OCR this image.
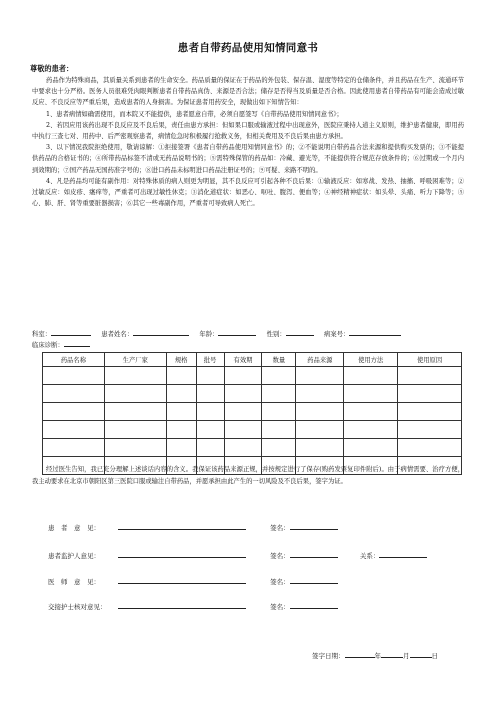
患者自带药品使用知情同意书
尊敬的患者：

药品作为特殊商品，其质量关系到患者的生命安全。药品质量的保证在于药品的外包装、保存温、湿度等特定的仓储条件，并且药品在生产、流通环节中要求也十分严格。医务人员很难凭肉眼判断患者自带药品真伪、来源是否合法；储存是否得当及质量是否合格。因此使用患者自带药品有可能会造成过敏反应、不良反应等严重后果，造成患者的人身损害。为保证患者用药安全，现做出如下知情告知：

1、患者病情如确需使用，而本院又不能提供，患者愿意自带，必须自愿签写《自带药品使用知情同意书》；

2、若因应用该药出现不良反应及不良后果，责任由患方承担：但如果口服或输液过程中出现意外，医院应秉持人道主义原则，维护患者健康，即用药中执行三查七对、用药中、后严密观察患者，病情危急时积极履行抢救义务，但相关费用及不良后果由患方承担。

3、以下情况我院拒绝使用，敬请谅解：①拒接签署《患者自带药品使用知情同意书》的；②不能说明自带药品合法来源和提供购买发票的；③不能提供药品的合格证书的；④所带药品标签不清或无药品说明书的；⑤需特殊保管的药品如：冷藏、避光等，不能提供符合规范存放条件的；⑥过期或一个月内到效期的；⑦国产药品无国药准字号的；⑧进口药品未标明进口药品注册证号的；⑨可疑、来路不明的。

4、凡是药品均可能有副作用：对特殊体质的病人则更为明显，其不良反应可引起各种不良后果：①输液反应：如寒战、发热、抽搐、呼吸困难等；②过敏反应：如皮疹、瘙痒等，严重者可出现过敏性休克；③消化道症状：如恶心、呕吐、腹泻、便血等；④神经精神症状：如头晕、头痛、听力下降等；⑤心、肺、肝、肾等重要脏器损害；⑥其它一些毒副作用，严重者可导致病人死亡。

科室：	患者姓名：	年龄：	性别：	病案号：
临床诊断：
药品名称	生产厂家	规格	批号	有效期	数量	药品来源	使用方法	使用原因

经过医生告知，我已充分理解上述谈话内容的含义。我保证该药品来源正规，并按规定进行了保存(购药发票复印件附后)。由于病情需要、治疗方便，我主动要求在北京市朝阳区第三医院口服或输注自带药品，并愿承担由此产生的一切风险及不良后果，签字为证。

患　者　意　见：	签名：
患者监护人意见：	签名：	关系：
医　师　意　见：	签名：
交接护士核对意见：	签名：
签字日期：	年	月	日
